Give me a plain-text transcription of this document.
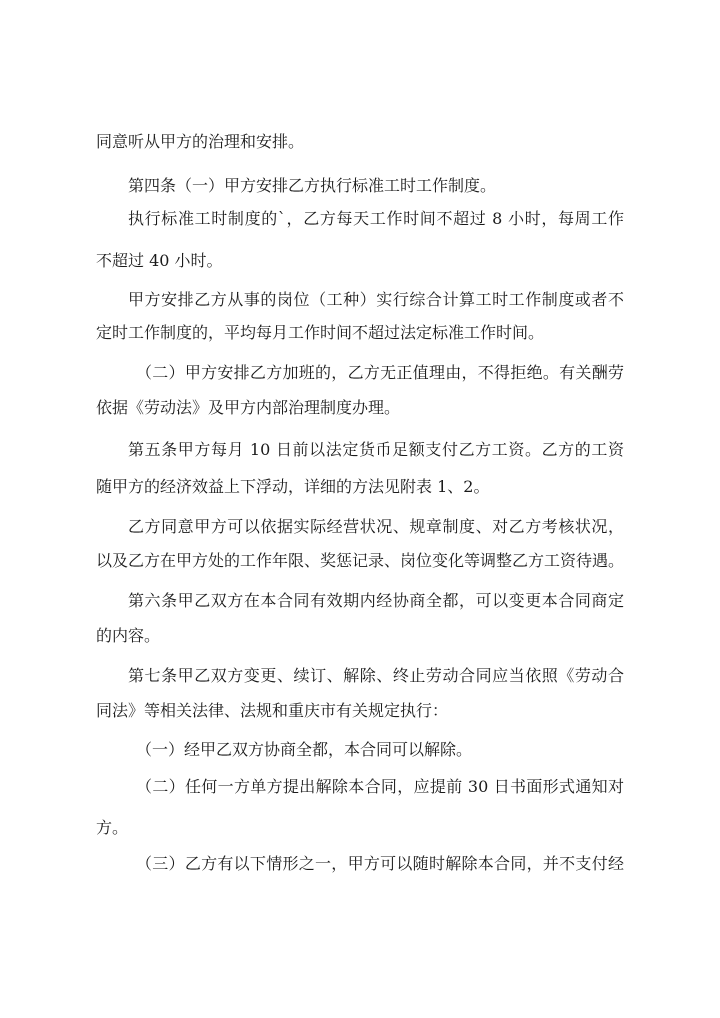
同意听从甲方的治理和安排。

第四条（一）甲方安排乙方执行标准工时工作制度。

执行标准工时制度的`，乙方每天工作时间不超过 8 小时，每周工作

不超过 40 小时。

甲方安排乙方从事的岗位（工种）实行综合计算工时工作制度或者不

定时工作制度的，平均每月工作时间不超过法定标准工作时间。

（二）甲方安排乙方加班的，乙方无正值理由，不得拒绝。有关酬劳

依据《劳动法》及甲方内部治理制度办理。

第五条甲方每月 10 日前以法定货币足额支付乙方工资。乙方的工资

随甲方的经济效益上下浮动，详细的方法见附表 1、2。

乙方同意甲方可以依据实际经营状况、规章制度、对乙方考核状况，

以及乙方在甲方处的工作年限、奖惩记录、岗位变化等调整乙方工资待遇。

第六条甲乙双方在本合同有效期内经协商全都，可以变更本合同商定

的内容。

第七条甲乙双方变更、续订、解除、终止劳动合同应当依照《劳动合

同法》等相关法律、法规和重庆市有关规定执行：

（一）经甲乙双方协商全都，本合同可以解除。

（二）任何一方单方提出解除本合同，应提前 30 日书面形式通知对

方。

（三）乙方有以下情形之一，甲方可以随时解除本合同，并不支付经
